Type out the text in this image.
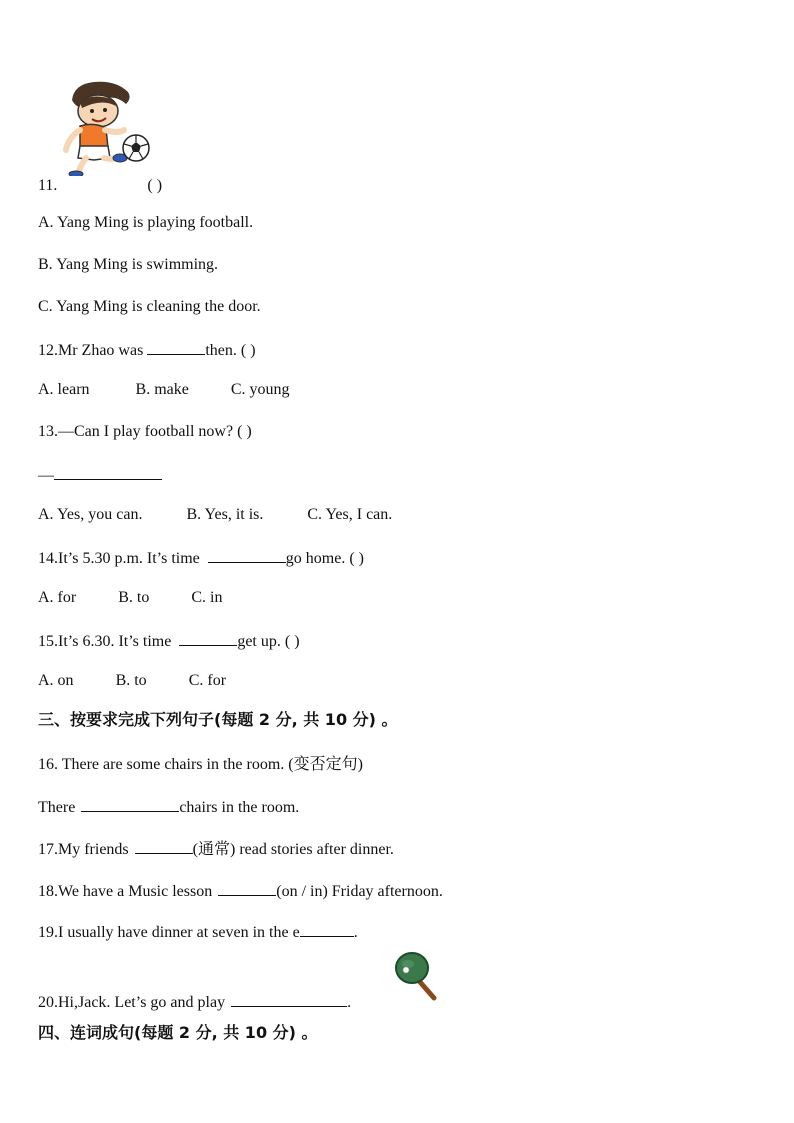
11.	( )
A. Yang Ming is playing football.
B. Yang Ming is swimming.
C. Yang Ming is cleaning the door.
12.Mr Zhao was	then. ( )
A. learn	B. make	C. young
13.—Can I play football now? ( )
—
A. Yes, you can.	B. Yes, it is.	C. Yes, I can.
14.It’s 5.30 p.m. It’s time	go home. ( )
A. for	B. to	C. in
15.It’s 6.30. It’s time	get up. ( )
A. on	B. to	C. for
三、按要求完成下列句子(每题 2 分, 共 10 分) 。
16. There are some chairs in the room. (变否定句)
There	chairs in the room.
17.My friends	(通常) read stories after dinner.
18.We have a Music lesson	(on / in) Friday afternoon.
19.I usually have dinner at seven in the e	.
20.Hi,Jack. Let’s go and play	.
四、连词成句(每题 2 分, 共 10 分) 。
